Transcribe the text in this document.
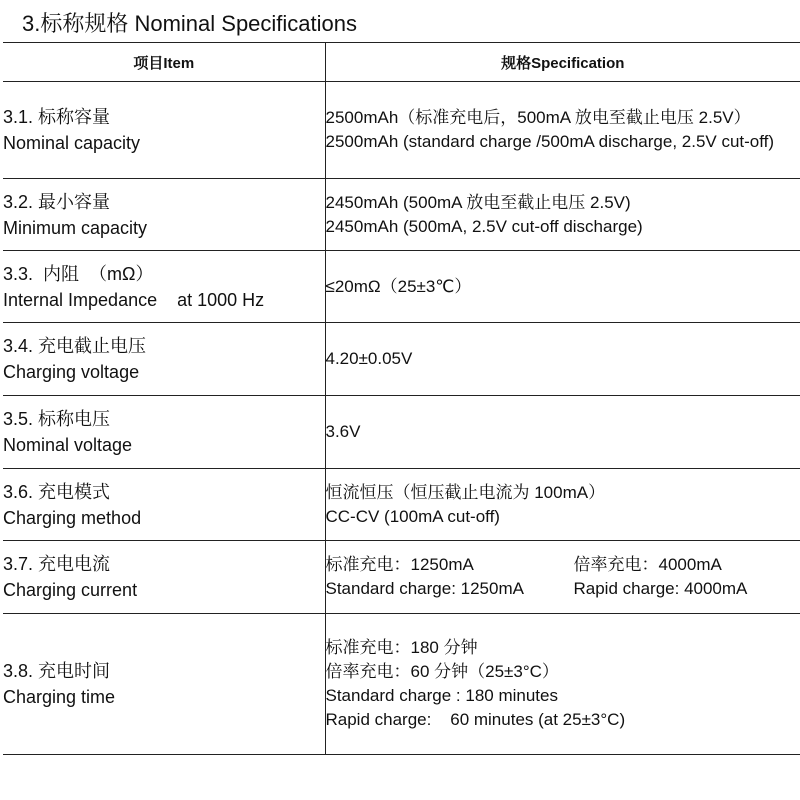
3.标称规格 Nominal Specifications
项目Item	规格Specification

3.1. 标称容量
Nominal capacity	2500mAh（标准充电后，500mA 放电至截止电压 2.5V）
2500mAh (standard charge /500mA discharge, 2.5V cut-off)

3.2. 最小容量
Minimum capacity	2450mAh (500mA 放电至截止电压 2.5V)
2450mAh (500mA, 2.5V cut-off discharge)

3.3.  内阻  （mΩ）
Internal Impedance    at 1000 Hz	≤20mΩ（25±3℃）

3.4. 充电截止电压
Charging voltage	4.20±0.05V

3.5. 标称电压
Nominal voltage	3.6V

3.6. 充电模式
Charging method	恒流恒压（恒压截止电流为 100mA）
CC-CV (100mA cut-off)

3.7. 充电电流
Charging current	标准充电：1250mA 倍率充电：4000mA
Standard charge: 1250mA Rapid charge: 4000mA

3.8. 充电时间
Charging time	标准充电：180 分钟
倍率充电：60 分钟（25±3°C）
Standard charge : 180 minutes
Rapid charge:    60 minutes (at 25±3°C)
